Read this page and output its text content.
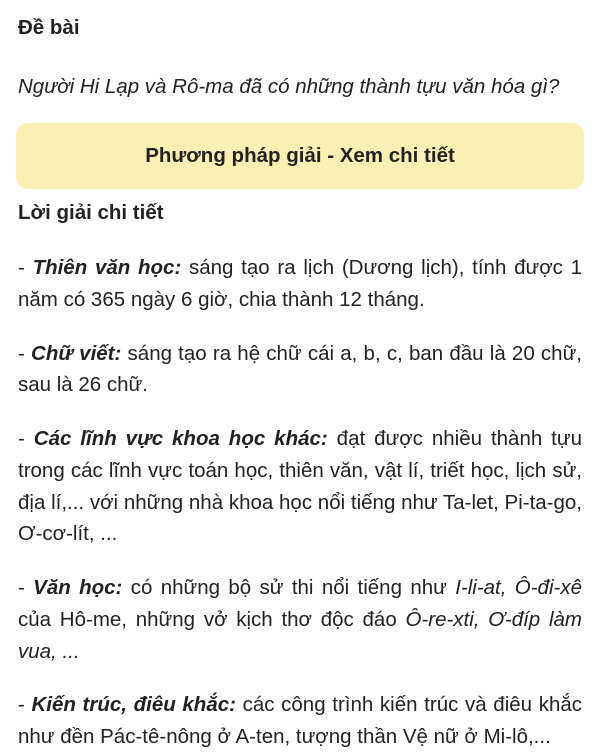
Đề bài

Người Hi Lạp và Rô-ma đã có những thành tựu văn hóa gì?

Phương pháp giải - Xem chi tiết

Lời giải chi tiết

- Thiên văn học: sáng tạo ra lịch (Dương lịch), tính được 1 năm có 365 ngày 6 giờ, chia thành 12 tháng.

- Chữ viết: sáng tạo ra hệ chữ cái a, b, c, ban đầu là 20 chữ, sau là 26 chữ.

- Các lĩnh vực khoa học khác: đạt được nhiều thành tựu trong các lĩnh vực toán học, thiên văn, vật lí, triết học, lịch sử, địa lí,... với những nhà khoa học nổi tiếng như Ta-let, Pi-ta-go, Ơ-cơ-lít, ...

- Văn học: có những bộ sử thi nổi tiếng như I-li-at, Ô-đi-xê của Hô-me, những vở kịch thơ độc đáo Ô-re-xti, Ơ-đíp làm vua, ...

- Kiến trúc, điêu khắc: các công trình kiến trúc và điêu khắc như đền Pác-tê-nông ở A-ten, tượng thần Vệ nữ ở Mi-lô,...
